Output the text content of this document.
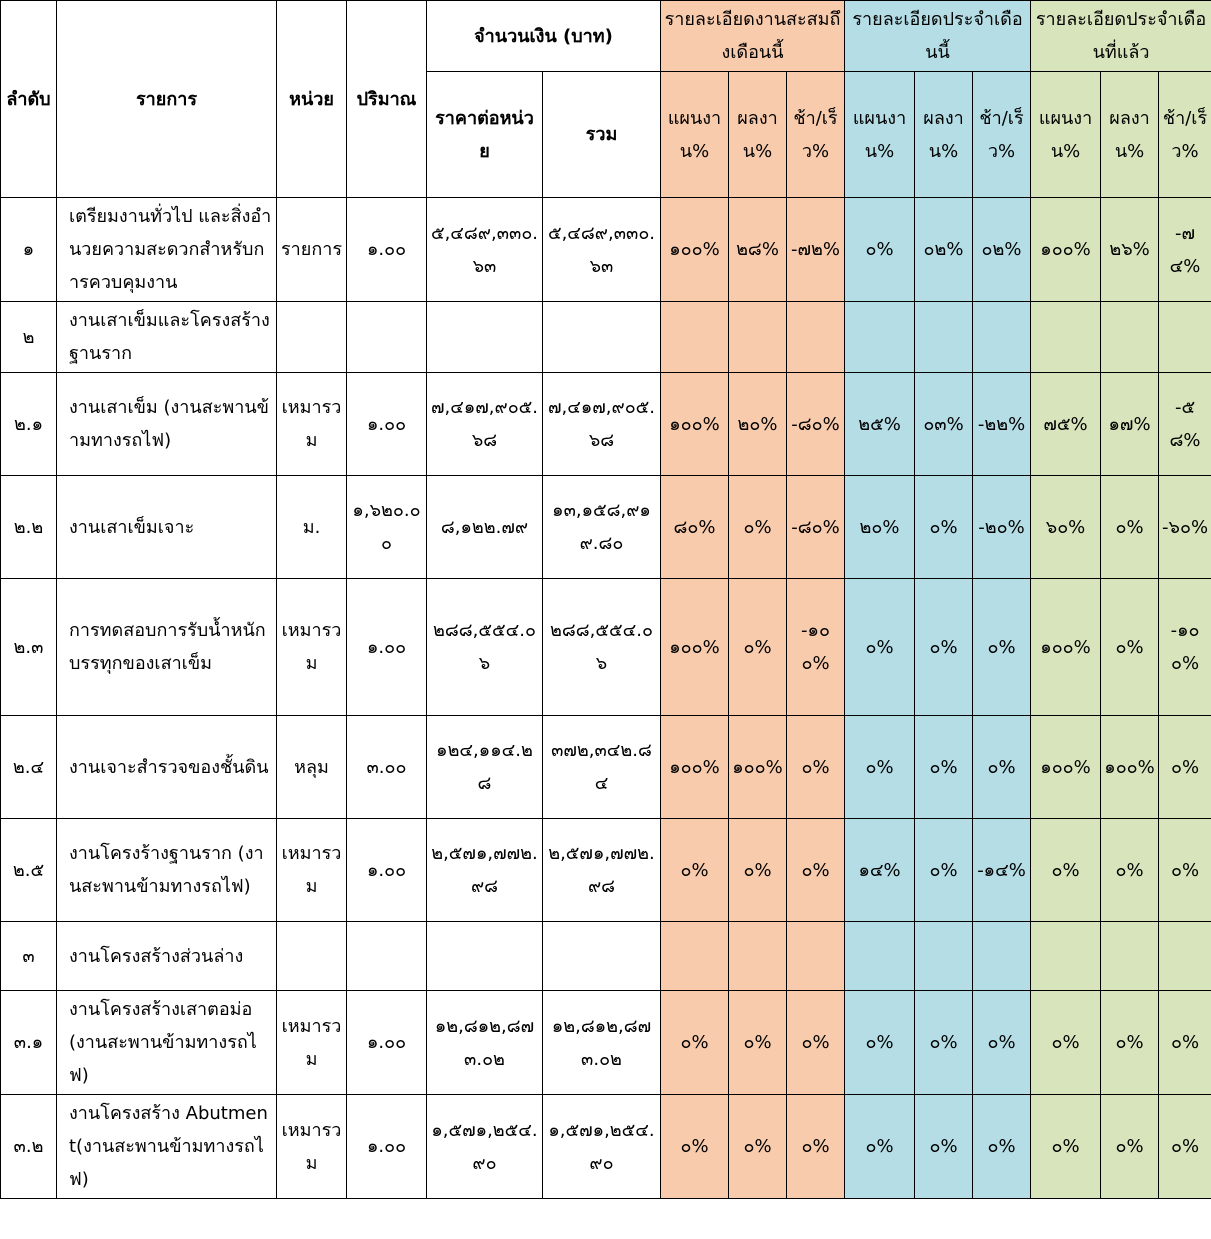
ลำดับ	รายการ	หน่วย	ปริมาณ	จำนวนเงิน (บาท)		รายละเอียดงานสะสมถึงเดือนนี้			รายละเอียดประจำเดือนนี้			รายละเอียดประจำเดือนที่แล้ว		
				ราคาต่อหน่วย	รวม	แผนงาน%	ผลงาน%	ช้า/เร็ว%	แผนงาน%	ผลงาน%	ช้า/เร็ว%	แผนงาน%	ผลงาน%	ช้า/เร็ว%
๑	เตรียมงานทั่วไป และสิ่งอำนวยความสะดวกสำหรับการควบคุมงาน	รายการ	๑.๐๐	๕,๔๘๙,๓๓๐.๖๓	๕,๔๘๙,๓๓๐.๖๓	๑๐๐%	๒๘%	-๗๒%	๐%	๐๒%	๐๒%	๑๐๐%	๒๖%	-๗๔%
๒	งานเสาเข็มและโครงสร้างฐานราก													
๒.๑	งานเสาเข็ม (งานสะพานข้ามทางรถไฟ)	เหมารวม	๑.๐๐	๗,๔๑๗,๙๐๕.๖๘	๗,๔๑๗,๙๐๕.๖๘	๑๐๐%	๒๐%	-๘๐%	๒๕%	๐๓%	-๒๒%	๗๕%	๑๗%	-๕๘%
๒.๒	งานเสาเข็มเจาะ	ม.	๑,๖๒๐.๐๐	๘,๑๒๒.๗๙	๑๓,๑๕๘,๙๑๙.๘๐	๘๐%	๐%	-๘๐%	๒๐%	๐%	-๒๐%	๖๐%	๐%	-๖๐%
๒.๓	การทดสอบการรับน้ำหนักบรรทุกของเสาเข็ม	เหมารวม	๑.๐๐	๒๘๘,๕๕๔.๐๖	๒๘๘,๕๕๔.๐๖	๑๐๐%	๐%	-๑๐๐%	๐%	๐%	๐%	๑๐๐%	๐%	-๑๐๐%
๒.๔	งานเจาะสำรวจของชั้นดิน	หลุม	๓.๐๐	๑๒๔,๑๑๔.๒๘	๓๗๒,๓๔๒.๘๔	๑๐๐%	๑๐๐%	๐%	๐%	๐%	๐%	๑๐๐%	๑๐๐%	๐%
๒.๕	งานโครงร้างฐานราก (งานสะพานข้ามทางรถไฟ)	เหมารวม	๑.๐๐	๒,๕๗๑,๗๗๒.๙๘	๒,๕๗๑,๗๗๒.๙๘	๐%	๐%	๐%	๑๔%	๐%	-๑๔%	๐%	๐%	๐%
๓	งานโครงสร้างส่วนล่าง													
๓.๑	งานโครงสร้างเสาตอม่อ (งานสะพานข้ามทางรถไฟ)	เหมารวม	๑.๐๐	๑๒,๘๑๒,๘๗๓.๐๒	๑๒,๘๑๒,๘๗๓.๐๒	๐%	๐%	๐%	๐%	๐%	๐%	๐%	๐%	๐%
๓.๒	งานโครงสร้าง Abutment(งานสะพานข้ามทางรถไฟ)	เหมารวม	๑.๐๐	๑,๕๗๑,๒๕๔.๙๐	๑,๕๗๑,๒๕๔.๙๐	๐%	๐%	๐%	๐%	๐%	๐%	๐%	๐%	๐%
